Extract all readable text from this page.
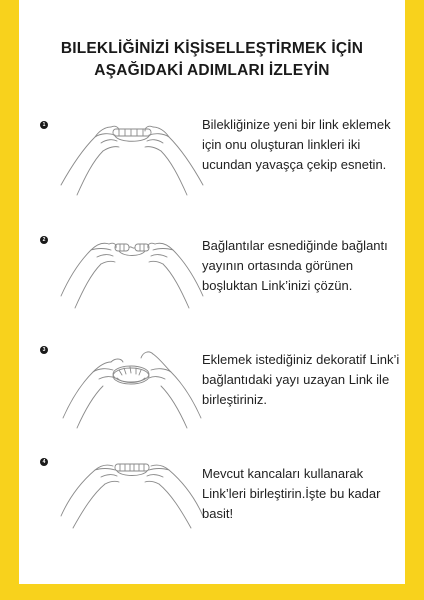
BILEKLİĞİNİZİ KİŞİSELLEŞTİRMEK İÇİN
AŞAĞIDAKİ ADIMLARI İZLEYİN
1	Bilekliğinize yeni bir link eklemek için onu oluşturan linkleri iki ucundan yavaşça çekip esnetin.
2	Bağlantılar esnediğinde bağlantı yayının ortasında görünen boşluktan Link’inizi çözün.
3
Eklemek istediğiniz dekoratif Link’i bağlantıdaki yayı uzayan Link ile birleştiriniz.
4
Mevcut kancaları kullanarak Link’leri birleştirin.İşte bu kadar basit!
